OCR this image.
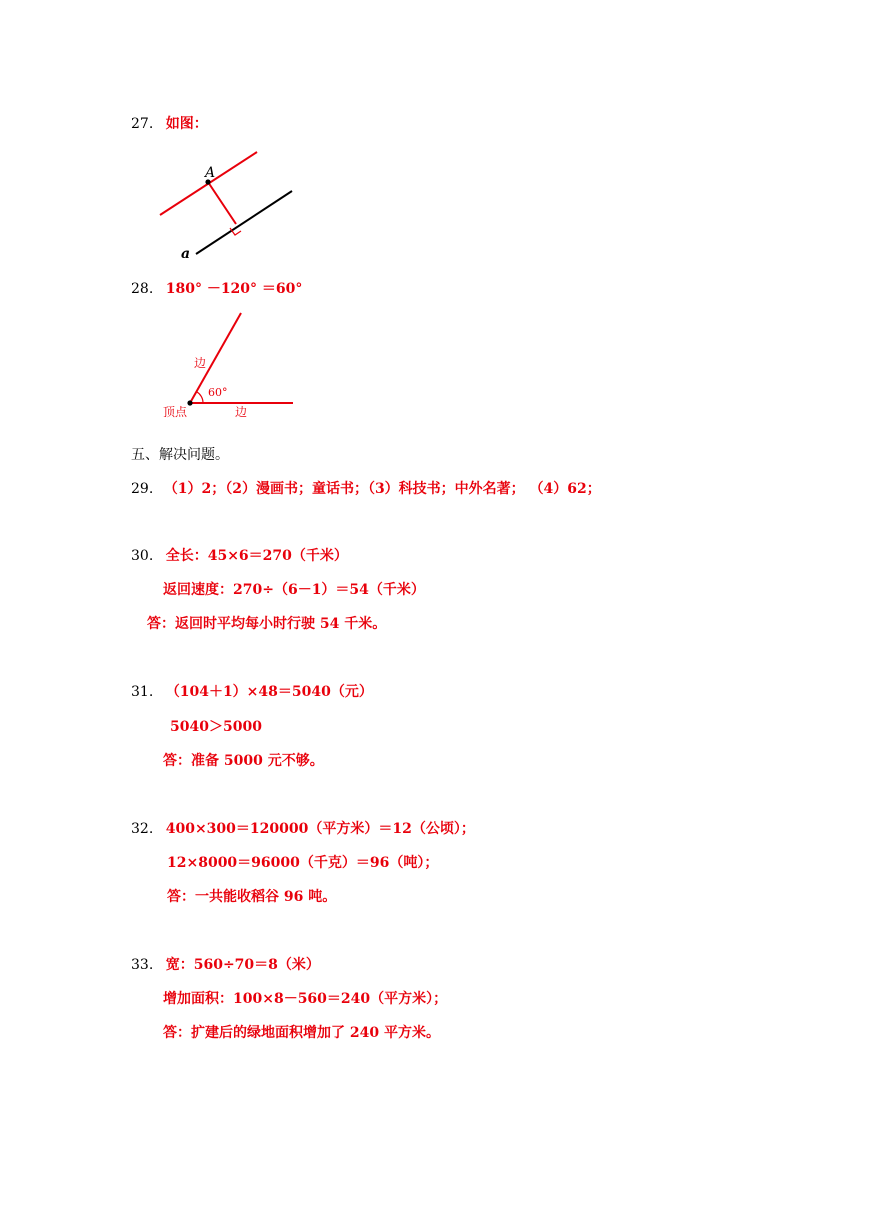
27. 如图：
A
a
28. 180° －120° ＝60°
边
60°
顶点	边
五、解决问题。
29. （1）2；（2）漫画书；童话书；（3）科技书；中外名著； （4）62；
30. 全长：45×6＝270（千米）
返回速度：270÷（6－1）＝54（千米）
答：返回时平均每小时行驶 54 千米。
31. （104＋1）×48＝5040（元）
5040＞5000
答：准备 5000 元不够。
32. 400×300＝120000（平方米）＝12（公顷）；
12×8000＝96000（千克）＝96（吨）；
答：一共能收稻谷 96 吨。
33. 宽：560÷70＝8（米）
增加面积：100×8－560＝240（平方米）；
答：扩建后的绿地面积增加了 240 平方米。
